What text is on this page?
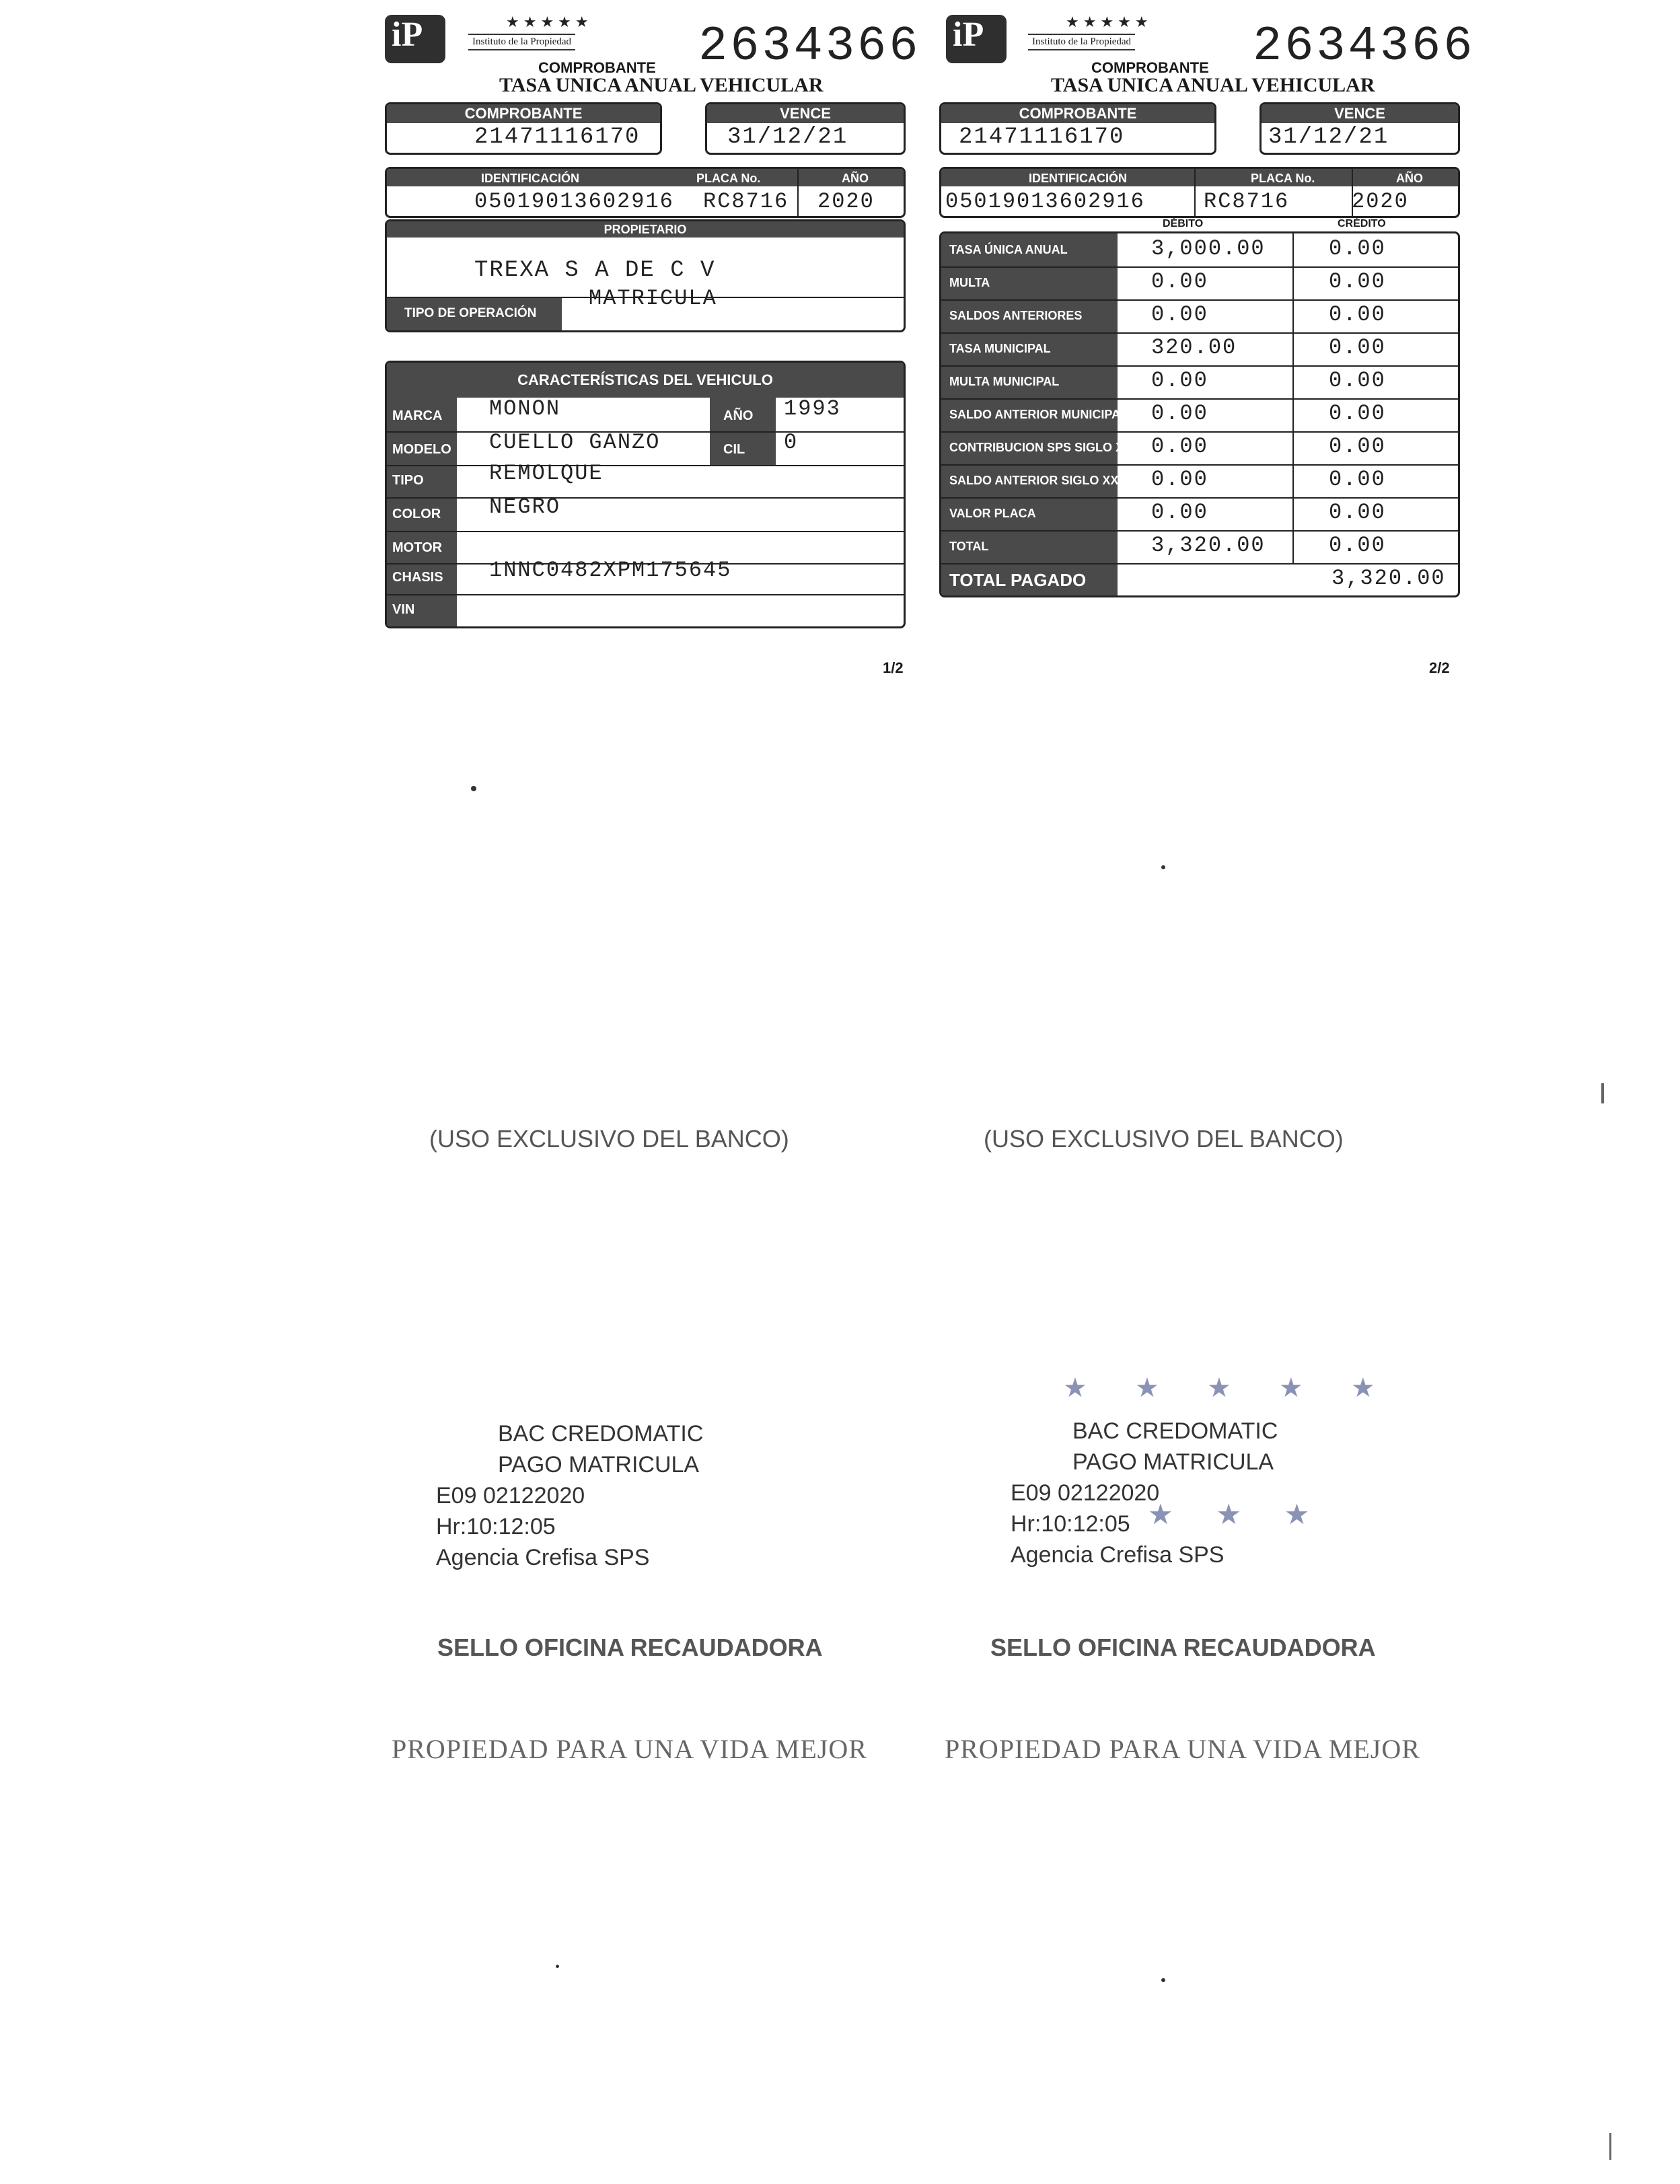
iP	★★★★★
Instituto de la Propiedad
COMPROBANTE 2634366
TASA UNICA ANUAL VEHICULAR
COMPROBANTE
21471116170
VENCE
31/12/21
IDENTIFICACIÓN	PLACA No.	AÑO
05019013602916 RC8716 2020
PROPIETARIO
TREXA S A DE C V
TIPO DE OPERACIÓN
MATRICULA
CARACTERÍSTICAS DEL VEHICULO
MARCA MONON	AÑO 1993
MODELO CUELLO GANZO	CIL 0
TIPO	REMOLQUE
COLOR NEGRO
MOTOR
CHASIS 1NNC0482XPM175645
VIN
1/2
iP	★★★★★
Instituto de la Propiedad
COMPROBANTE 2634366
TASA UNICA ANUAL VEHICULAR
COMPROBANTE
21471116170
VENCE
31/12/21
IDENTIFICACIÓN	PLACA No.	AÑO
05019013602916	RC8716	2020
DÉBITO	CRÉDITO
TASA ÚNICA ANUAL	3,000.00	0.00
MULTA	0.00	0.00
SALDOS ANTERIORES	0.00	0.00
TASA MUNICIPAL	320.00	0.00
MULTA MUNICIPAL	0.00	0.00
SALDO ANTERIOR MUNICIPAL 0.00	0.00
CONTRIBUCION SPS SIGLO XXI 0.00	0.00
SALDO ANTERIOR SIGLO XXI 0.00	0.00
VALOR PLACA	0.00	0.00
TOTAL	3,320.00	0.00
TOTAL PAGADO	3,320.00
2/2
(USO EXCLUSIVO DEL BANCO)	(USO EXCLUSIVO DEL BANCO)
BAC CREDOMATIC
PAGO MATRICULA
E09 02122020
Hr:10:12:05
Agencia Crefisa SPS
★ ★ ★ ★ ★
★ ★ ★
BAC CREDOMATIC
PAGO MATRICULA
E09 02122020
Hr:10:12:05
Agencia Crefisa SPS
SELLO OFICINA RECAUDADORA	SELLO OFICINA RECAUDADORA
PROPIEDAD PARA UNA VIDA MEJOR	PROPIEDAD PARA UNA VIDA MEJOR
